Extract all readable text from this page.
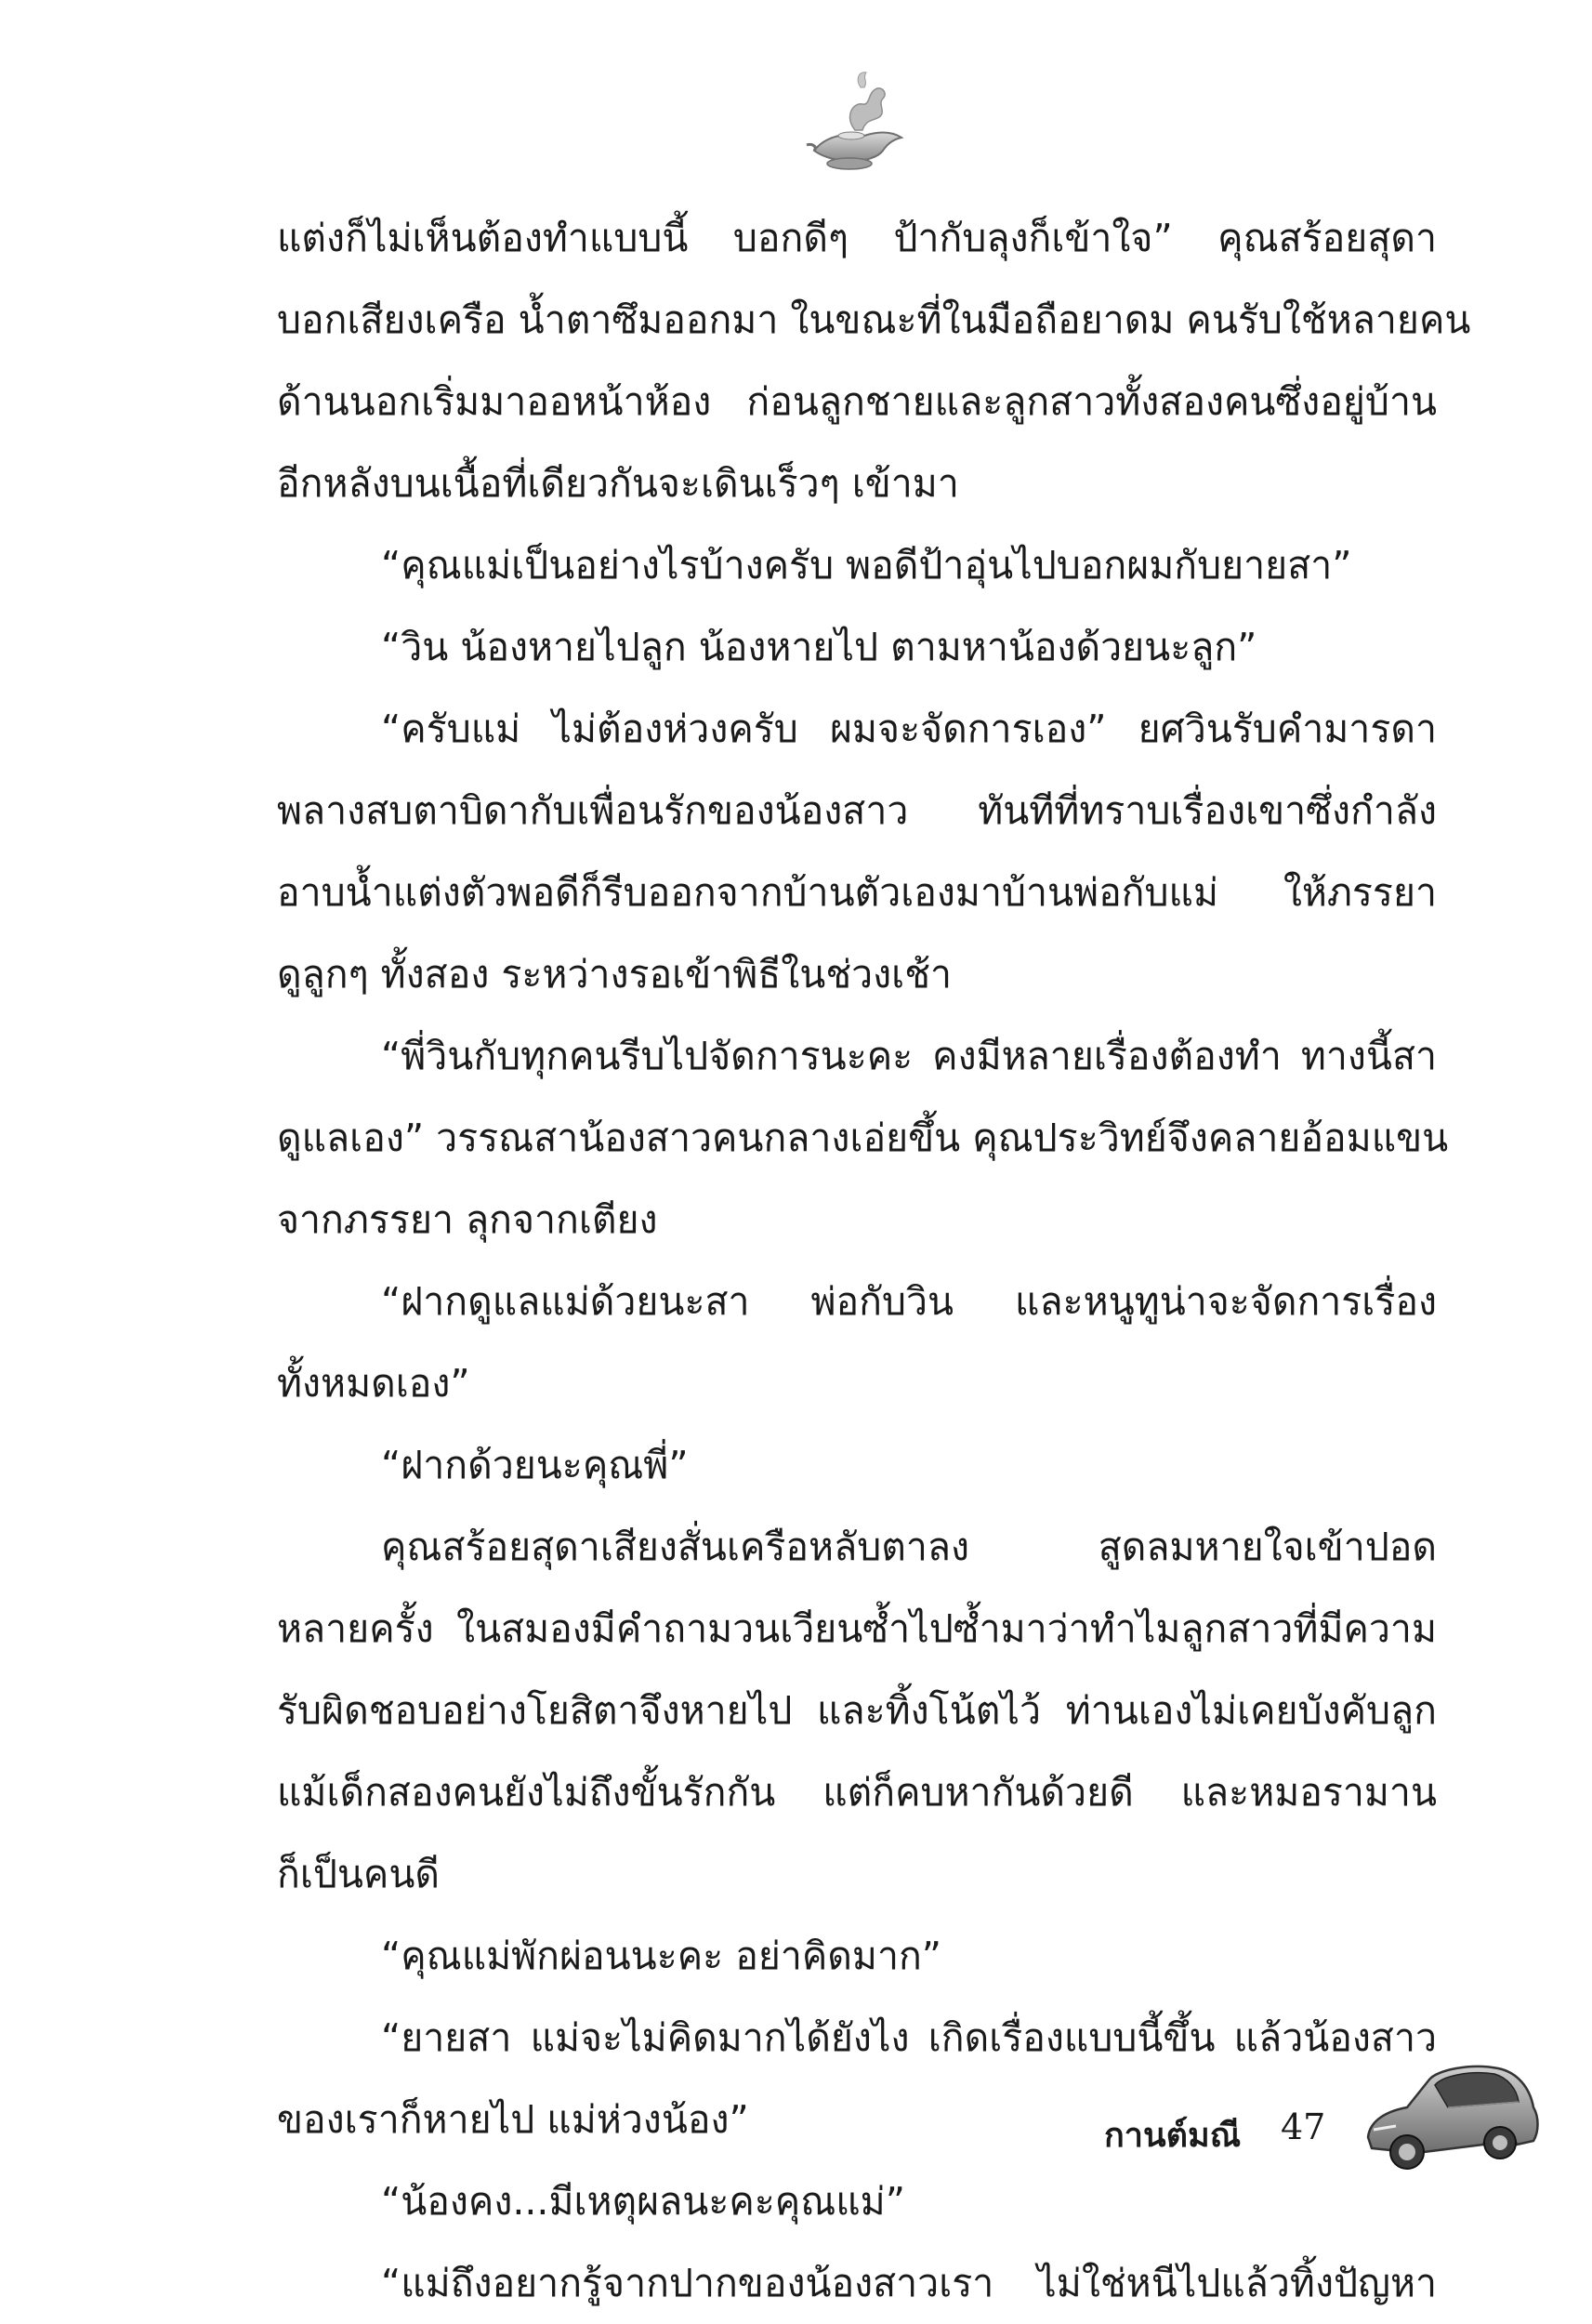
แต่งก็ไม่เห็นต้องทำแบบนี้ บอกดีๆ ป้ากับลุงก็เข้าใจ” คุณสร้อยสุดา
บอกเสียงเครือ น้ำตาซึมออกมา ในขณะที่ในมือถือยาดม คนรับใช้หลายคน
ด้านนอกเริ่มมาออหน้าห้อง ก่อนลูกชายและลูกสาวทั้งสองคนซึ่งอยู่บ้าน
อีกหลังบนเนื้อที่เดียวกันจะเดินเร็วๆ เข้ามา
“คุณแม่เป็นอย่างไรบ้างครับ พอดีป้าอุ่นไปบอกผมกับยายสา”
“วิน น้องหายไปลูก น้องหายไป ตามหาน้องด้วยนะลูก”
“ครับแม่ ไม่ต้องห่วงครับ ผมจะจัดการเอง” ยศวินรับคำมารดา
พลางสบตาบิดากับเพื่อนรักของน้องสาว ทันทีที่ทราบเรื่องเขาซึ่งกำลัง
อาบน้ำแต่งตัวพอดีก็รีบออกจากบ้านตัวเองมาบ้านพ่อกับแม่ ให้ภรรยา
ดูลูกๆ ทั้งสอง ระหว่างรอเข้าพิธีในช่วงเช้า
“พี่วินกับทุกคนรีบไปจัดการนะคะ คงมีหลายเรื่องต้องทำ ทางนี้สา
ดูแลเอง” วรรณสาน้องสาวคนกลางเอ่ยขึ้น คุณประวิทย์จึงคลายอ้อมแขน
จากภรรยา ลุกจากเตียง
“ฝากดูแลแม่ด้วยนะสา พ่อกับวิน และหนูทูน่าจะจัดการเรื่อง
ทั้งหมดเอง”
“ฝากด้วยนะคุณพี่”
คุณสร้อยสุดาเสียงสั่นเครือหลับตาลง สูดลมหายใจเข้าปอด
หลายครั้ง ในสมองมีคำถามวนเวียนซ้ำไปซ้ำมาว่าทำไมลูกสาวที่มีความ
รับผิดชอบอย่างโยสิตาจึงหายไป และทิ้งโน้ตไว้ ท่านเองไม่เคยบังคับลูก
แม้เด็กสองคนยังไม่ถึงขั้นรักกัน แต่ก็คบหากันด้วยดี และหมอรามาน
ก็เป็นคนดี
“คุณแม่พักผ่อนนะคะ อย่าคิดมาก”
“ยายสา แม่จะไม่คิดมากได้ยังไง เกิดเรื่องแบบนี้ขึ้น แล้วน้องสาว
ของเราก็หายไป แม่ห่วงน้อง”
“น้องคง...มีเหตุผลนะคะคุณแม่”
“แม่ถึงอยากรู้จากปากของน้องสาวเรา ไม่ใช่หนีไปแล้วทิ้งปัญหา
กานต์มณี 47
